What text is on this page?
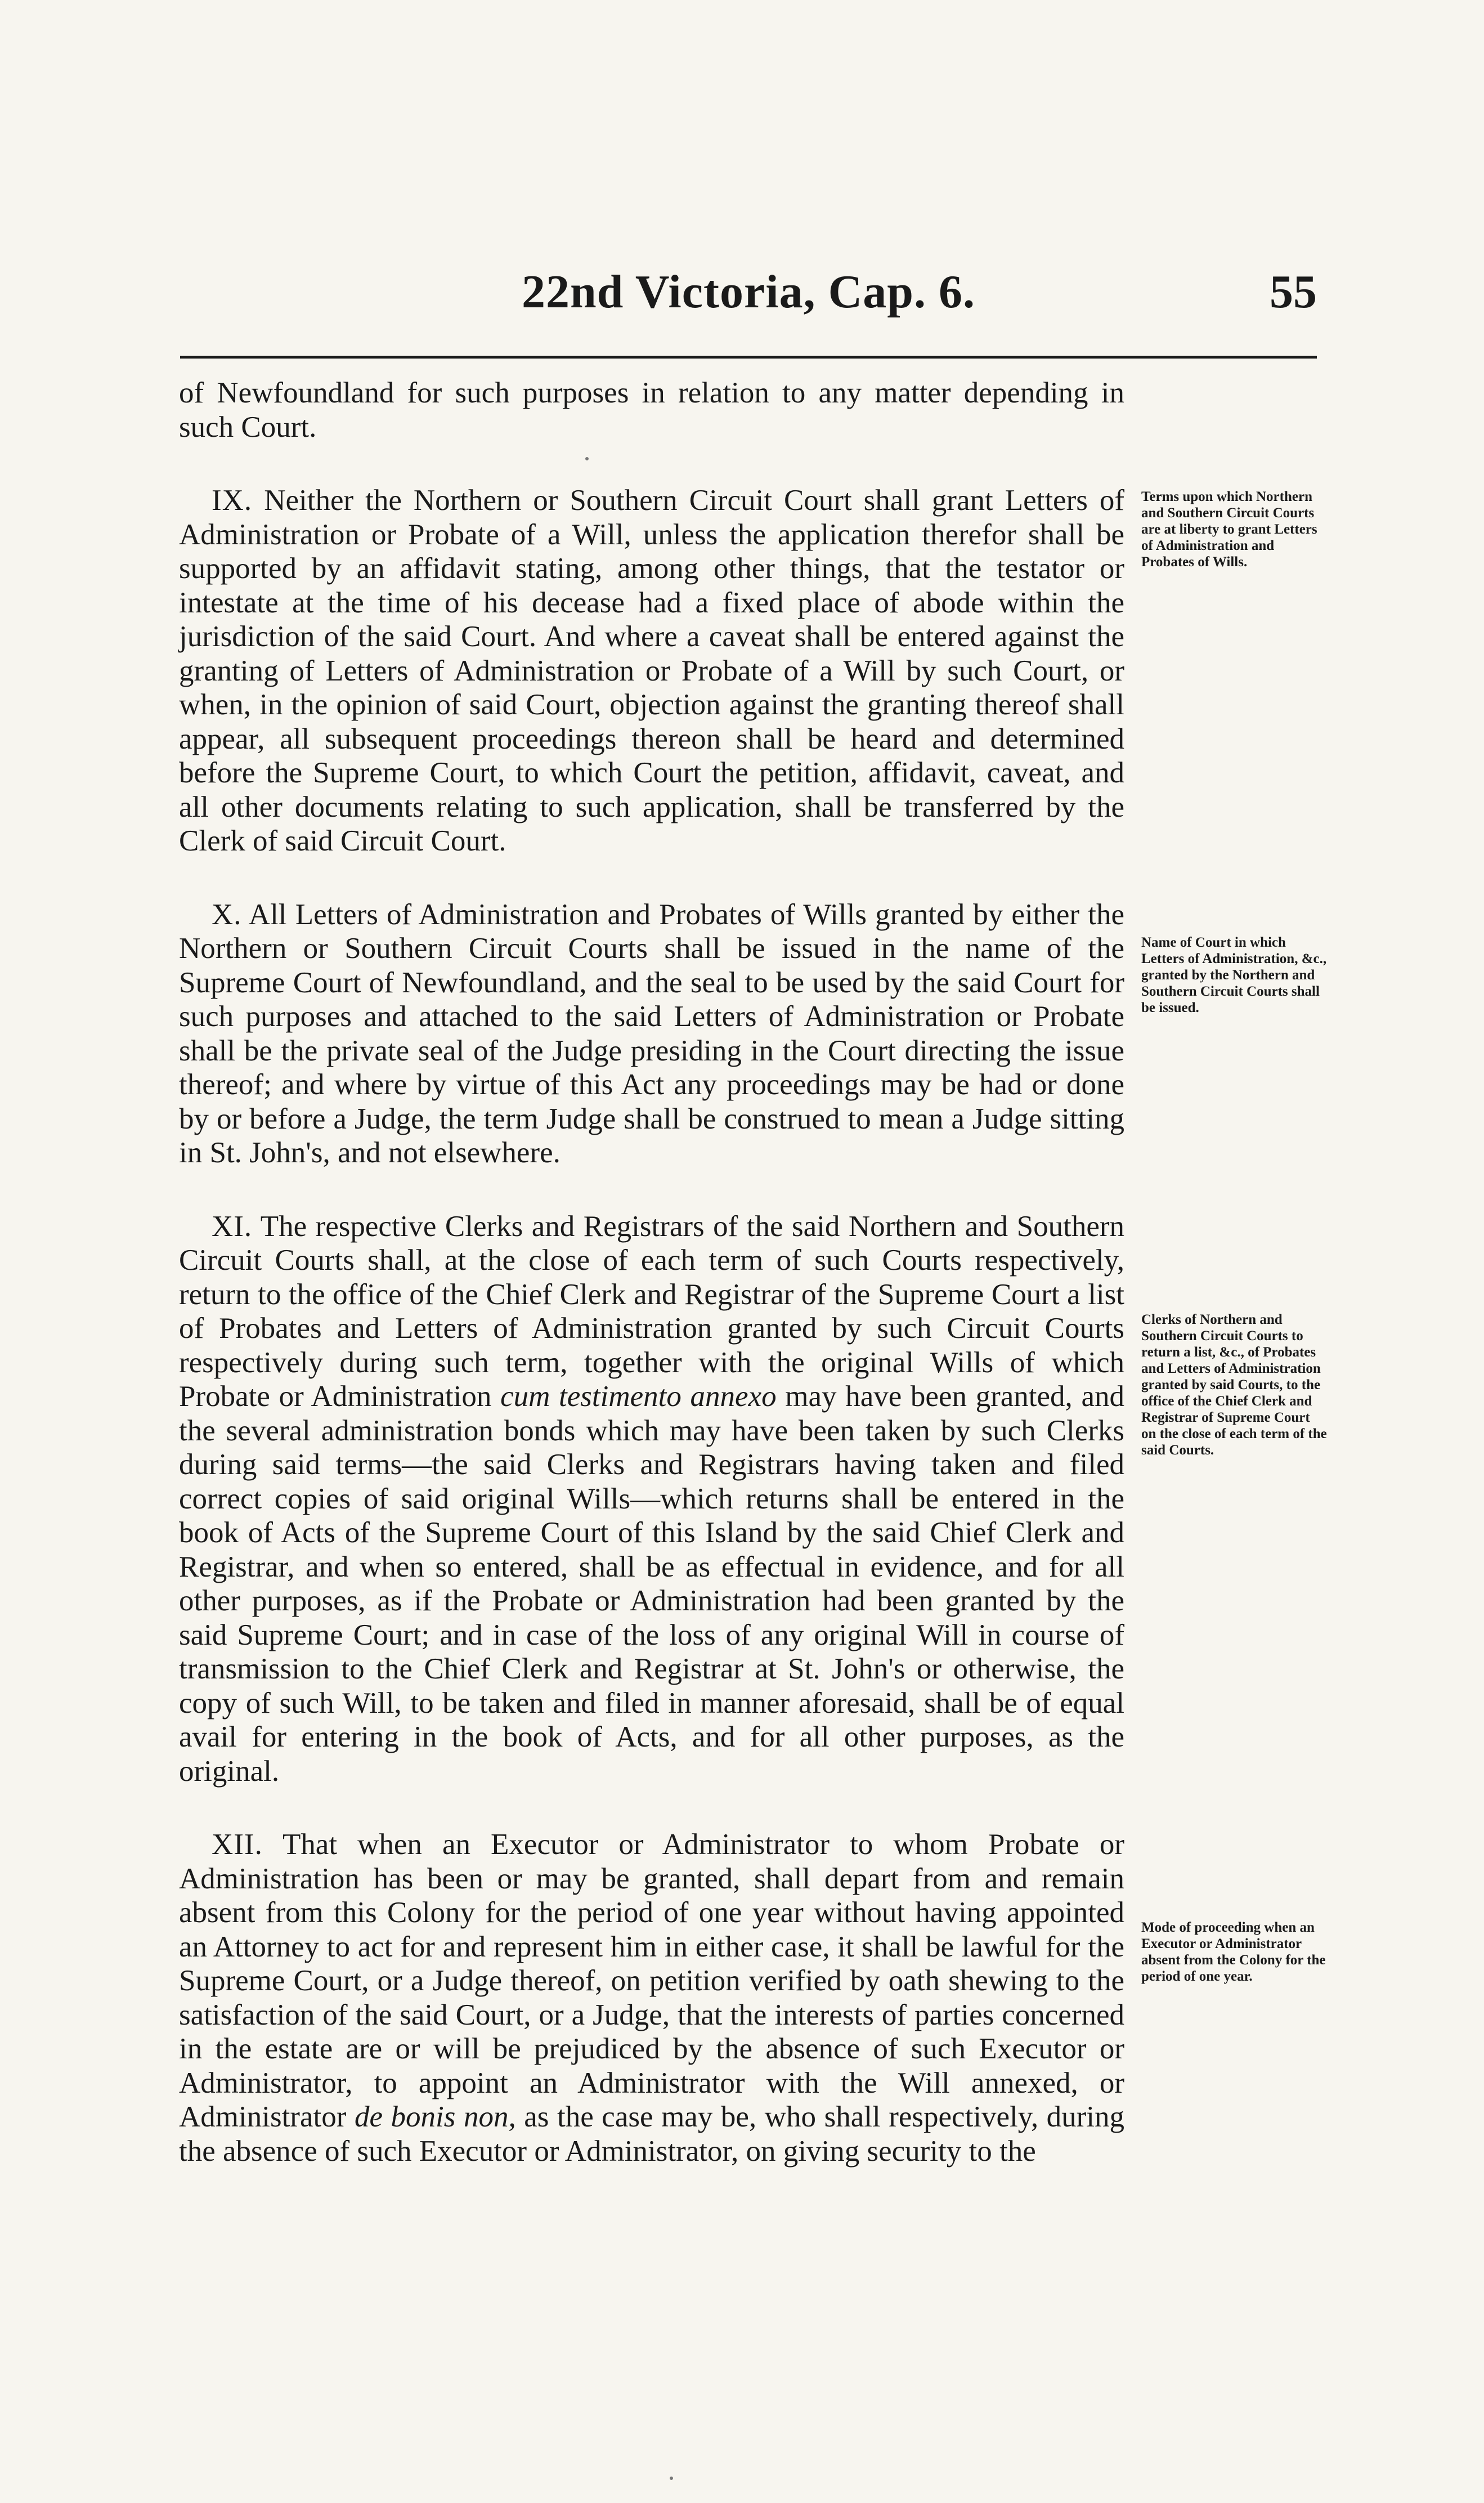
22nd Victoria, Cap. 6.	55

of Newfoundland for such purposes in relation to any matter depending in such Court.

IX. Neither the Northern or Southern Circuit Court shall grant Letters of Administration or Probate of a Will, unless the application therefor shall be supported by an affidavit stating, among other things, that the testator or intestate at the time of his decease had a fixed place of abode within the jurisdiction of the said Court. And where a caveat shall be entered against the granting of Letters of Administration or Probate of a Will by such Court, or when, in the opinion of said Court, objection against the granting thereof shall appear, all subsequent proceedings thereon shall be heard and determined before the Supreme Court, to which Court the petition, affidavit, caveat, and all other documents relating to such application, shall be transferred by the Clerk of said Circuit Court.

X. All Letters of Administration and Probates of Wills granted by either the Northern or Southern Circuit Courts shall be issued in the name of the Supreme Court of Newfoundland, and the seal to be used by the said Court for such purposes and attached to the said Letters of Administration or Probate shall be the private seal of the Judge presiding in the Court directing the issue thereof; and where by virtue of this Act any proceedings may be had or done by or before a Judge, the term Judge shall be construed to mean a Judge sitting in St. John's, and not elsewhere.

XI. The respective Clerks and Registrars of the said Northern and Southern Circuit Courts shall, at the close of each term of such Courts respectively, return to the office of the Chief Clerk and Registrar of the Supreme Court a list of Probates and Letters of Administration granted by such Circuit Courts respectively during such term, together with the original Wills of which Probate or Administration cum testimento annexo may have been granted, and the several administration bonds which may have been taken by such Clerks during said terms—the said Clerks and Registrars having taken and filed correct copies of said original Wills—which returns shall be entered in the book of Acts of the Supreme Court of this Island by the said Chief Clerk and Registrar, and when so entered, shall be as effectual in evidence, and for all other purposes, as if the Probate or Administration had been granted by the said Supreme Court; and in case of the loss of any original Will in course of transmission to the Chief Clerk and Registrar at St. John's or otherwise, the copy of such Will, to be taken and filed in manner aforesaid, shall be of equal avail for entering in the book of Acts, and for all other purposes, as the original.

XII. That when an Executor or Administrator to whom Probate or Administration has been or may be granted, shall depart from and remain absent from this Colony for the period of one year without having appointed an Attorney to act for and represent him in either case, it shall be lawful for the Supreme Court, or a Judge thereof, on petition verified by oath shewing to the satisfaction of the said Court, or a Judge, that the interests of parties concerned in the estate are or will be prejudiced by the absence of such Executor or Administrator, to appoint an Administrator with the Will annexed, or Administrator de bonis non, as the case may be, who shall respectively, during the absence of such Executor or Administrator, on giving security to the

Terms upon which Northern and Southern Circuit Courts are at liberty to grant Letters of Administration and Probates of Wills.
Name of Court in which Letters of Administration, &c., granted by the Northern and Southern Circuit Courts shall be issued.
Clerks of Northern and Southern Circuit Courts to return a list, &c., of Probates and Letters of Administration granted by said Courts, to the office of the Chief Clerk and Registrar of Supreme Court on the close of each term of the said Courts.
Mode of proceeding when an Executor or Administrator absent from the Colony for the period of one year.
